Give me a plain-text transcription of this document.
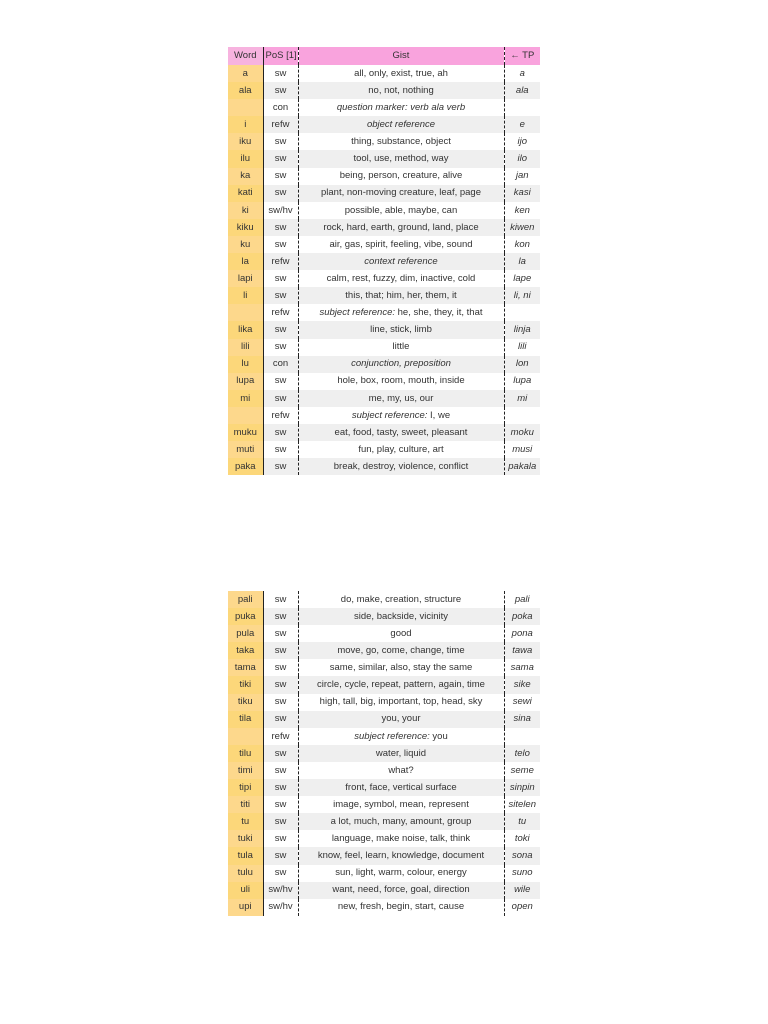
Word	PoS [1]	Gist	← TP
a	sw	all, only, exist, true, ah	a
ala	sw	no, not, nothing	ala
	con	question marker: verb ala verb	
i	refw	object reference	e
iku	sw	thing, substance, object	ijo
ilu	sw	tool, use, method, way	ilo
ka	sw	being, person, creature, alive	jan
kati	sw	plant, non-moving creature, leaf, page	kasi
ki	sw/hv	possible, able, maybe, can	ken
kiku	sw	rock, hard, earth, ground, land, place	kiwen
ku	sw	air, gas, spirit, feeling, vibe, sound	kon
la	refw	context reference	la
lapi	sw	calm, rest, fuzzy, dim, inactive, cold	lape
li	sw	this, that; him, her, them, it	li, ni
	refw	subject reference: he, she, they, it, that	
lika	sw	line, stick, limb	linja
lili	sw	little	lili
lu	con	conjunction, preposition	lon
lupa	sw	hole, box, room, mouth, inside	lupa
mi	sw	me, my, us, our	mi
	refw	subject reference: I, we	
muku	sw	eat, food, tasty, sweet, pleasant	moku
muti	sw	fun, play, culture, art	musi
paka	sw	break, destroy, violence, conflict	pakala
pali	sw	do, make, creation, structure	pali
puka	sw	side, backside, vicinity	poka
pula	sw	good	pona
taka	sw	move, go, come, change, time	tawa
tama	sw	same, similar, also, stay the same	sama
tiki	sw	circle, cycle, repeat, pattern, again, time	sike
tiku	sw	high, tall, big, important, top, head, sky	sewi
tila	sw	you, your	sina
	refw	subject reference: you	
tilu	sw	water, liquid	telo
timi	sw	what?	seme
tipi	sw	front, face, vertical surface	sinpin
titi	sw	image, symbol, mean, represent	sitelen
tu	sw	a lot, much, many, amount, group	tu
tuki	sw	language, make noise, talk, think	toki
tula	sw	know, feel, learn, knowledge, document	sona
tulu	sw	sun, light, warm, colour, energy	suno
uli	sw/hv	want, need, force, goal, direction	wile
upi	sw/hv	new, fresh, begin, start, cause	open
